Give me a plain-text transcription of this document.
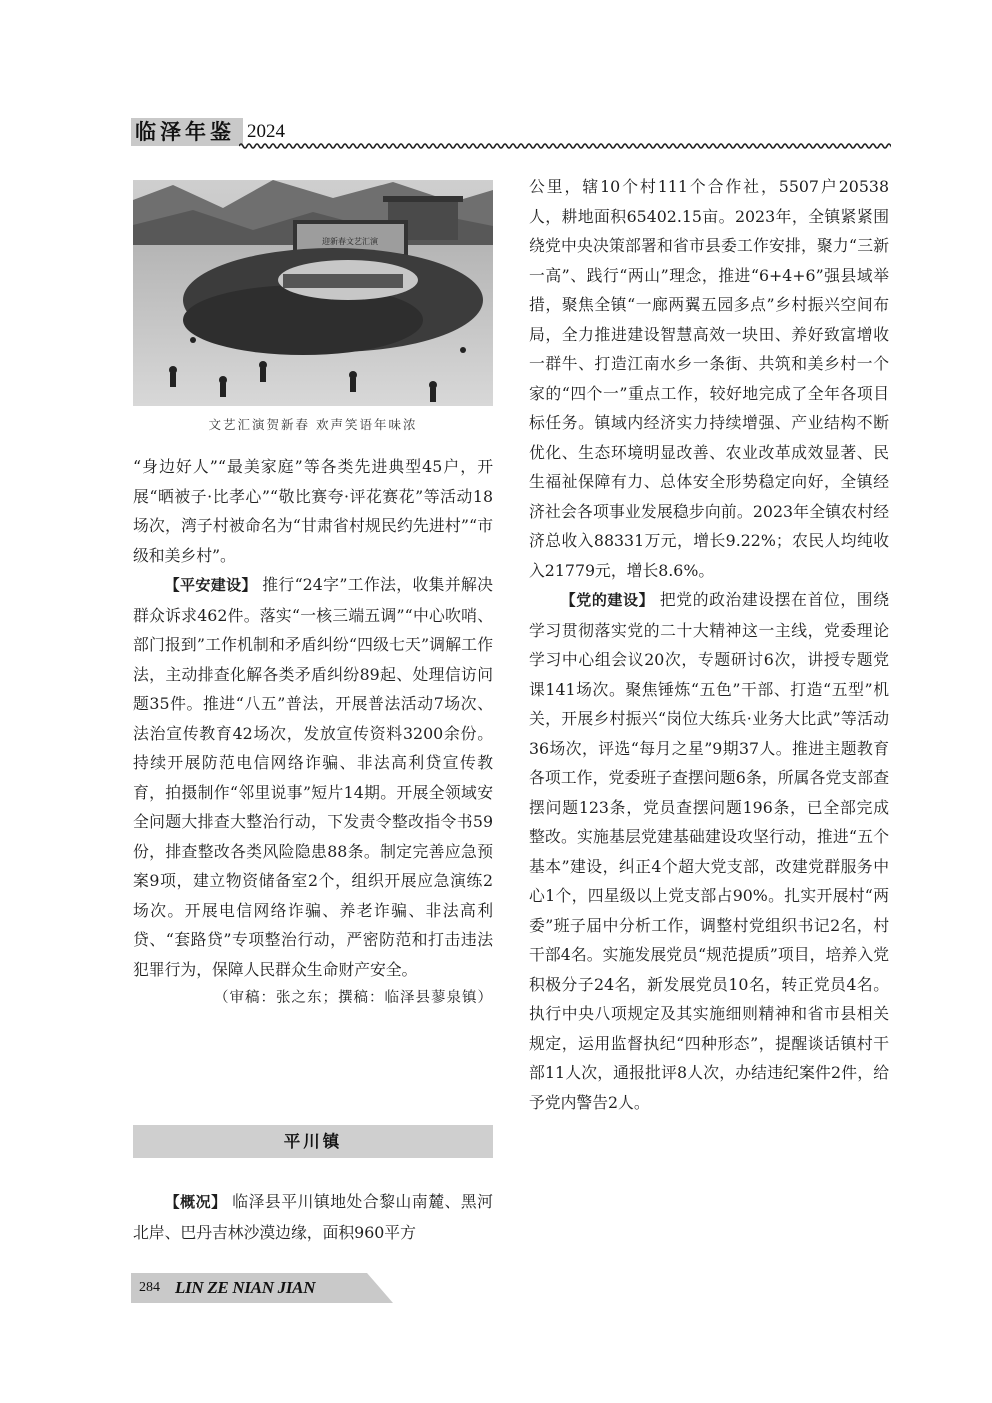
临泽年鉴 2024
迎新春文艺汇演
文艺汇演贺新春 欢声笑语年味浓

“身边好人”“最美家庭”等各类先进典型45户，开展“晒被子·比孝心”“敬比赛夸·评花赛花”等活动18场次，湾子村被命名为“甘肃省村规民约先进村”“市级和美乡村”。

【平安建设】 推行“24字”工作法，收集并解决群众诉求462件。落实“一核三端五调”“中心吹哨、部门报到”工作机制和矛盾纠纷“四级七天”调解工作法，主动排查化解各类矛盾纠纷89起、处理信访问题35件。推进“八五”普法，开展普法活动7场次、法治宣传教育42场次，发放宣传资料3200余份。持续开展防范电信网络诈骗、非法高利贷宣传教育，拍摄制作“邻里说事”短片14期。开展全领域安全问题大排查大整治行动，下发责令整改指令书59份，排查整改各类风险隐患88条。制定完善应急预案9项，建立物资储备室2个，组织开展应急演练2场次。开展电信网络诈骗、养老诈骗、非法高利贷、“套路贷”专项整治行动，严密防范和打击违法犯罪行为，保障人民群众生命财产安全。

（审稿：张之东；撰稿：临泽县蓼泉镇）

平川镇

【概况】 临泽县平川镇地处合黎山南麓、黑河北岸、巴丹吉林沙漠边缘，面积960平方

公里，辖10个村111个合作社，5507户20538人，耕地面积65402.15亩。2023年，全镇紧紧围绕党中央决策部署和省市县委工作安排，聚力“三新一高”、践行“两山”理念，推进“6+4+6”强县域举措，聚焦全镇“一廊两翼五园多点”乡村振兴空间布局，全力推进建设智慧高效一块田、养好致富增收一群牛、打造江南水乡一条街、共筑和美乡村一个家的“四个一”重点工作，较好地完成了全年各项目标任务。镇域内经济实力持续增强、产业结构不断优化、生态环境明显改善、农业改革成效显著、民生福祉保障有力、总体安全形势稳定向好，全镇经济社会各项事业发展稳步向前。2023年全镇农村经济总收入88331万元，增长9.22%；农民人均纯收入21779元，增长8.6%。

【党的建设】 把党的政治建设摆在首位，围绕学习贯彻落实党的二十大精神这一主线，党委理论学习中心组会议20次，专题研讨6次，讲授专题党课141场次。聚焦锤炼“五色”干部、打造“五型”机关，开展乡村振兴“岗位大练兵·业务大比武”等活动36场次，评选“每月之星”9期37人。推进主题教育各项工作，党委班子查摆问题6条，所属各党支部查摆问题123条，党员查摆问题196条，已全部完成整改。实施基层党建基础建设攻坚行动，推进“五个基本”建设，纠正4个超大党支部，改建党群服务中心1个，四星级以上党支部占90%。扎实开展村“两委”班子届中分析工作，调整村党组织书记2名，村干部4名。实施发展党员“规范提质”项目，培养入党积极分子24名，新发展党员10名，转正党员4名。执行中央八项规定及其实施细则精神和省市县相关规定，运用监督执纪“四种形态”，提醒谈话镇村干部11人次，通报批评8人次，办结违纪案件2件，给予党内警告2人。

284 LIN ZE NIAN JIAN
